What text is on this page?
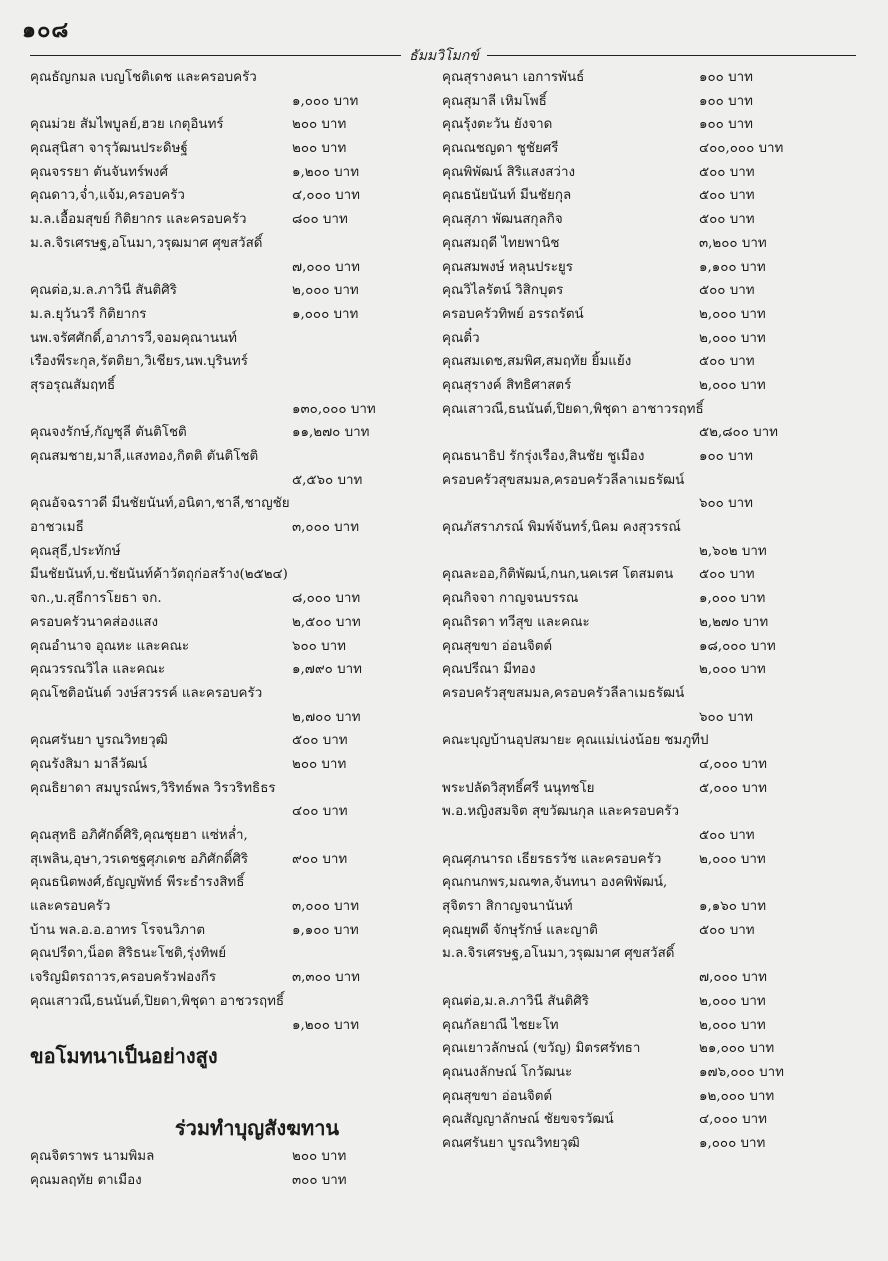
๑๐๘
ธัมมวิโมกข์
คุณธัญกมล เบญโชติเดช และครอบครัว
๑,๐๐๐ บาท
คุณม่วย สัมไพบูลย์,ฮวย เกตุอินทร์	๒๐๐ บาท
คุณสุนิสา จารุวัฒนประดิษฐ์	๒๐๐ บาท
คุณจรรยา ตันจันทร์พงศ์	๑,๒๐๐ บาท
คุณดาว,จ่ำ,แจ้ม,ครอบครัว	๔,๐๐๐ บาท
ม.ล.เอื้อมสุขย์ กิติยากร และครอบครัว	๘๐๐ บาท
ม.ล.จิรเศรษฐ,อโนมา,วรุฒมาศ ศุขสวัสดิ์
๗,๐๐๐ บาท
คุณต่อ,ม.ล.ภาวินี สันติศิริ	๒,๐๐๐ บาท
ม.ล.ยุวันวรี กิติยากร	๑,๐๐๐ บาท
นพ.จรัศศักดิ์,อาภารวี,จอมคุณานนท์
เรืองพีระกุล,รัตติยา,วิเชียร,นพ.บุรินทร์
สุรอรุณสัมฤทธิ์
๑๓๐,๐๐๐ บาท
คุณจงรักษ์,กัญชุลี ตันติโชติ	๑๑,๒๗๐ บาท
คุณสมชาย,มาลี,แสงทอง,กิตติ ตันติโชติ
๕,๕๖๐ บาท
คุณอัจฉราวดี มีนชัยนันท์,อนิตา,ชาลี,ชาญชัย
อาชวเมธี	๓,๐๐๐ บาท
คุณสุธี,ประทักษ์
มีนชัยนันท์,บ.ชัยนันท์ค้าวัตถุก่อสร้าง(๒๕๒๔)
จก.,บ.สุธีการโยธา จก.	๘,๐๐๐ บาท
ครอบครัวนาคส่องแสง	๒,๕๐๐ บาท
คุณอำนาจ อุณหะ และคณะ	๖๐๐ บาท
คุณวรรณวิไล และคณะ	๑,๗๙๐ บาท
คุณโชติอนันต์ วงษ์สวรรค์ และครอบครัว
๒,๗๐๐ บาท
คุณศรันยา บูรณวิทยวุฒิ	๕๐๐ บาท
คุณรังสิมา มาลีวัฒน์	๒๐๐ บาท
คุณธิยาดา สมบูรณ์พร,วิริทธ์พล วิรวริทธิธร
๔๐๐ บาท
คุณสุทธิ อภิศักดิ์ศิริ,คุณชุยฮา แซ่หล่ำ,
สุเพลิน,อุษา,วรเดชฐศุภเดช อภิศักดิ์ศิริ	๙๐๐ บาท
คุณธนิตพงศ์,ธัญญพัทธ์ พีระธำรงสิทธิ์
และครอบครัว	๓,๐๐๐ บาท
บ้าน พล.อ.อ.อาทร โรจนวิภาต	๑,๑๐๐ บาท
คุณปรีดา,น็อต สิริธนะโชติ,รุ่งทิพย์
เจริญมิตรถาวร,ครอบครัวฟองกีร	๓,๓๐๐ บาท
คุณเสาวณี,ธนนันต์,ปิยดา,พิชุดา อาชวรฤทธิ์
๑,๒๐๐ บาท
ขอโมทนาเป็นอย่างสูง
ร่วมทำบุญสังฆทาน
คุณจิตราพร นามพิมล	๒๐๐ บาท
คุณมลฤทัย ตาเมือง	๓๐๐ บาท
คุณสุรางคนา เอการพันธ์	๑๐๐ บาท
คุณสุมาลี เหิมโพธิ์	๑๐๐ บาท
คุณรุ้งตะวัน ยังจาด	๑๐๐ บาท
คุณณชญดา ชูชัยศรี	๔๐๐,๐๐๐ บาท
คุณพิพัฒน์ สิริแสงสว่าง	๕๐๐ บาท
คุณธนัยนันท์ มีนชัยกุล	๕๐๐ บาท
คุณสุภา พัฒนสกุลกิจ	๕๐๐ บาท
คุณสมฤดี ไทยพานิช	๓,๒๐๐ บาท
คุณสมพงษ์ หลุนประยูร	๑,๑๐๐ บาท
คุณวิไลรัตน์ วิสิกบุตร	๕๐๐ บาท
ครอบครัวทิพย์ อรรถรัตน์	๒,๐๐๐ บาท
คุณติ๋ว	๒,๐๐๐ บาท
คุณสมเดช,สมพิศ,สมฤทัย ยิ้มแย้ง	๕๐๐ บาท
คุณสุรางค์ สิทธิศาสตร์	๒,๐๐๐ บาท
คุณเสาวณี,ธนนันต์,ปิยดา,พิชุดา อาชาวรฤทธิ์
๕๒,๘๐๐ บาท
คุณธนาธิป รักรุ่งเรือง,สินชัย ชูเมือง	๑๐๐ บาท
ครอบครัวสุขสมมล,ครอบครัวลีลาเมธรัฒน์
๖๐๐ บาท
คุณภัสราภรณ์ พิมพ์จันทร์,นิคม คงสุวรรณ์
๒,๖๐๒ บาท
คุณละออ,กิติพัฒน์,กนก,นคเรศ โตสมตน ๕๐๐ บาท
คุณกิจจา กาญจนบรรณ	๑,๐๐๐ บาท
คุณถิรดา ทวีสุข และคณะ	๒,๒๗๐ บาท
คุณสุขขา อ่อนจิตต์	๑๘,๐๐๐ บาท
คุณปรีณา มีทอง	๒,๐๐๐ บาท
ครอบครัวสุขสมมล,ครอบครัวลีลาเมธรัฒน์
๖๐๐ บาท
คณะบุญบ้านอุปสมายะ คุณแม่เน่งน้อย ชมภูทีป
๔,๐๐๐ บาท
พระปลัดวิสุทธิ์ศรี นนุทชโย	๕,๐๐๐ บาท
พ.อ.หญิงสมจิต สุขวัฒนกุล และครอบครัว
๕๐๐ บาท
คุณศุภนารถ เธียรธรวัช และครอบครัว	๒,๐๐๐ บาท
คุณกนกพร,มณฑล,จันทนา องคพิพัฒน์,
สุจิตรา สิกาญจนานันท์	๑,๑๖๐ บาท
คุณยุพดี จักษุรักษ์ และญาติ	๕๐๐ บาท
ม.ล.จิรเศรษฐ,อโนมา,วรุฒมาศ ศุขสวัสดิ์
๗,๐๐๐ บาท
คุณต่อ,ม.ล.ภาวินี สันติศิริ	๒,๐๐๐ บาท
คุณกัลยาณี ไชยะโท	๒,๐๐๐ บาท
คุณเยาวลักษณ์ (ขวัญ) มิตรศรัทธา	๒๑,๐๐๐ บาท
คุณนงลักษณ์ โกวัฒนะ	๑๗๖,๐๐๐ บาท
คุณสุขขา อ่อนจิตต์	๑๒,๐๐๐ บาท
คุณสัญญาลักษณ์ ชัยขจรวัฒน์	๔,๐๐๐ บาท
คณศรันยา บูรณวิทยวุฒิ	๑,๐๐๐ บาท
